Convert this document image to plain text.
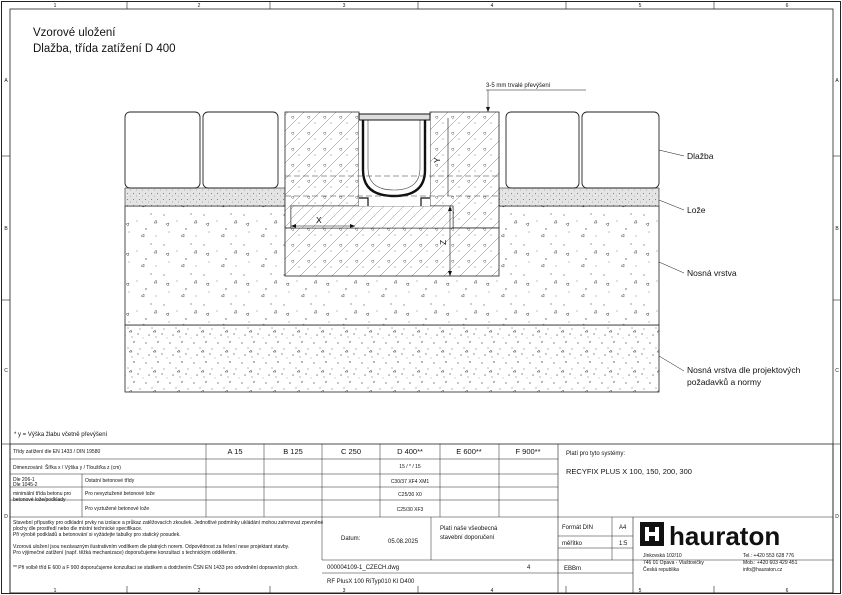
1	2	3	4	5	6
1	2	3	4	5	6
A
B
C
D
A
B
C
D
Vzorové uložení
Dlažba, třída zatížení D 400
X
Y
Z
3-5 mm trvalé převýšení
Dlažba
Lože
Nosná vrstva
Nosná vrstva dle projektových
požadavků a normy
* y = Výška žlabu včetně převýšení
Třídy zatížení dle EN 1433 / DIN 19580	A 15	B 125	C 250	D 400**	E 600**	F 900**
Dimenzování: Šířka x / Výška y / Tloušťka z (cm)	15 / * / 15
Dle 206-1
Dle 1045-2
Ostatní betonové třídy	C30/37 XF4 XM1
minimální třída betonu pro
betonové lože/podklady
Pro nevyztužené betonové lože	C25/30 X0
Pro vyztužené betonové lože	C25/30 XF3
Platí pro tyto systémy:
RECYFIX PLUS X 100, 150, 200, 300
Stavební přípustky pro odkladní prvky na izolace a průkaz zatěžovacích zkoušek. Jednotlivé podmínky ukládání mohou zahrnovat zpevněné
plochy dle prostředí nebo dle místní technické specifikace.
Při výrobě podkladů a betonování si vyžádejte tabulky pro statický posudek.
Vzorová uložení jsou nezávazným ilustrativním vodítkem dle platných norem. Odpovědnost za řešení nese projektant stavby.
Pro výjimečné zatížení (např. těžká mechanizace) doporučujeme konzultaci s technickým oddělením.
** Při volbě tříd E 600 a F 900 doporučujeme konzultaci se statikem a dodržením ČSN EN 1433 pro odvodnění dopravních ploch.
Datum:	05.08.2025
Platí naše všeobecná
stavební doporučení
000004109-1_CZECH.dwg	4
RF PlusX 100 RiTyp010 KI D400
Formát DIN	A4
měřítko	1:5
EBBm
hauraton
Jinkovská 102/10
746 01 Opava - Vlaštovičky
Česká republika
Tel.: +420 553 628 776
Mob.: +420 603 429 451
info@hauraton.cz
